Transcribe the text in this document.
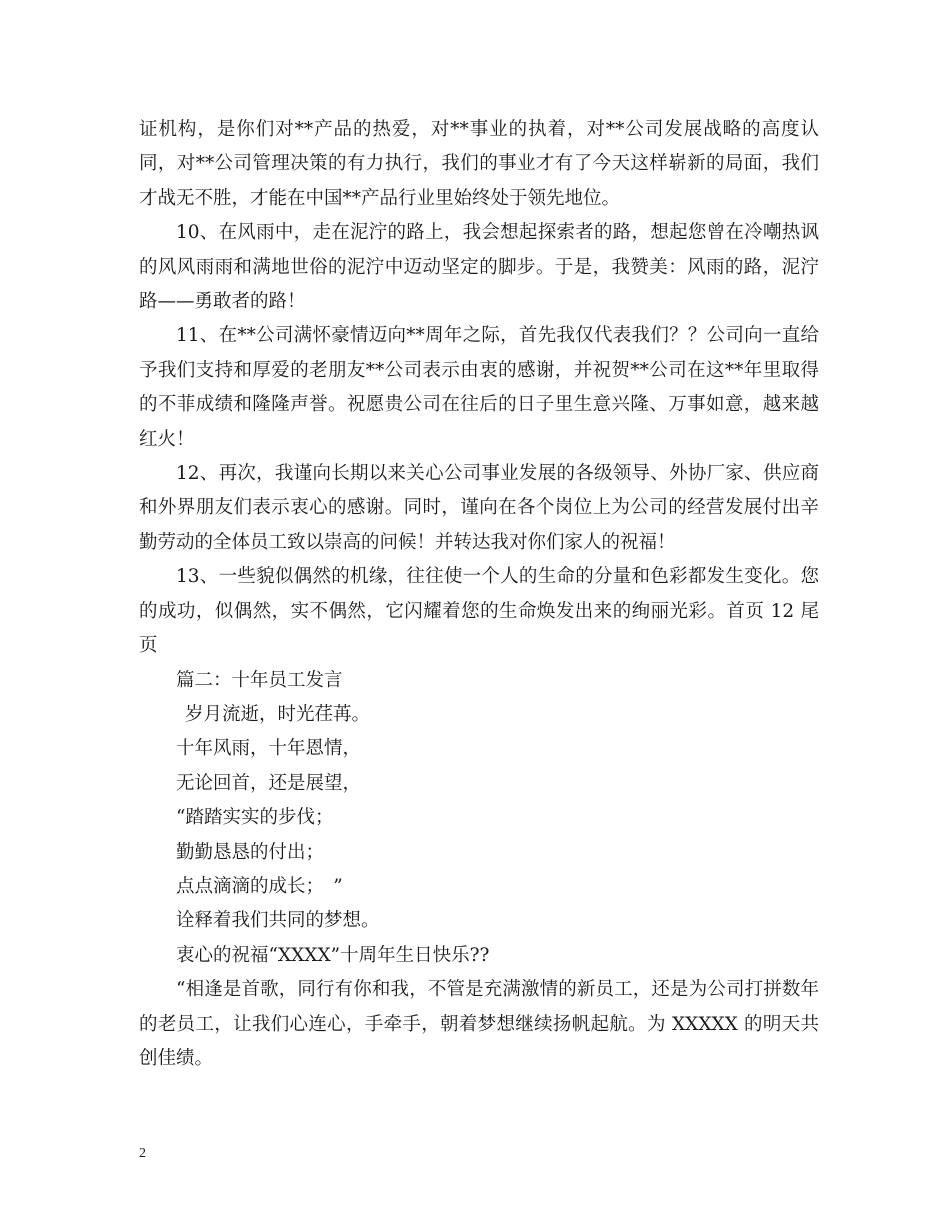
证机构，是你们对**产品的热爱，对**事业的执着，对**公司发展战略的高度认同，对**公司管理决策的有力执行，我们的事业才有了今天这样崭新的局面，我们才战无不胜，才能在中国**产品行业里始终处于领先地位。

10、在风雨中，走在泥泞的路上，我会想起探索者的路，想起您曾在冷嘲热讽的风风雨雨和满地世俗的泥泞中迈动坚定的脚步。于是，我赞美：风雨的路，泥泞路——勇敢者的路！

11、在**公司满怀豪情迈向**周年之际，首先我仅代表我们？？公司向一直给予我们支持和厚爱的老朋友**公司表示由衷的感谢，并祝贺**公司在这**年里取得的不菲成绩和隆隆声誉。祝愿贵公司在往后的日子里生意兴隆、万事如意，越来越红火！

12、再次，我谨向长期以来关心公司事业发展的各级领导、外协厂家、供应商和外界朋友们表示衷心的感谢。同时，谨向在各个岗位上为公司的经营发展付出辛勤劳动的全体员工致以崇高的问候！并转达我对你们家人的祝福！

13、一些貌似偶然的机缘，往往使一个人的生命的分量和色彩都发生变化。您的成功，似偶然，实不偶然，它闪耀着您的生命焕发出来的绚丽光彩。首页 12 尾页

篇二：十年员工发言

岁月流逝，时光荏苒。

十年风雨，十年恩情，

无论回首，还是展望，

“踏踏实实的步伐；

勤勤恳恳的付出；

点点滴滴的成长；　”

诠释着我们共同的梦想。

衷心的祝福“XXXX”十周年生日快乐??

“相逢是首歌，同行有你和我，不管是充满激情的新员工，还是为公司打拼数年的老员工，让我们心连心，手牵手，朝着梦想继续扬帆起航。为 XXXXX 的明天共创佳绩。

2
